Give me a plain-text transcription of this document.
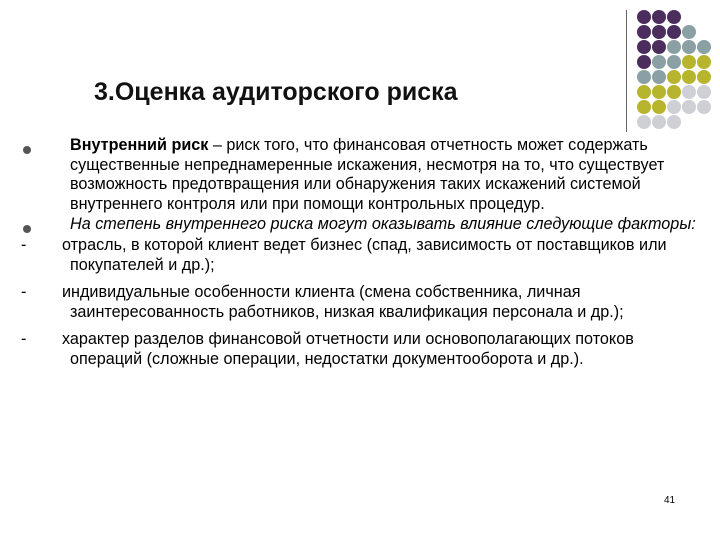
3.Оценка аудиторского риска
Внутренний риск – риск того, что финансовая отчетность может содержать существенные непреднамеренные искажения, несмотря на то, что существует возможность предотвращения или обнаружения таких искажений системой внутреннего контроля или при помощи контрольных процедур.
На степень внутреннего риска могут оказывать влияние следующие факторы:
- отрасль, в которой клиент ведет бизнес (спад, зависимость от поставщиков или покупателей и др.);
- индивидуальные особенности клиента (смена собственника, личная заинтересованность работников, низкая квалификация персонала и др.);
- характер разделов финансовой отчетности или основополагающих потоков операций (сложные операции, недостатки документооборота и др.).
41
